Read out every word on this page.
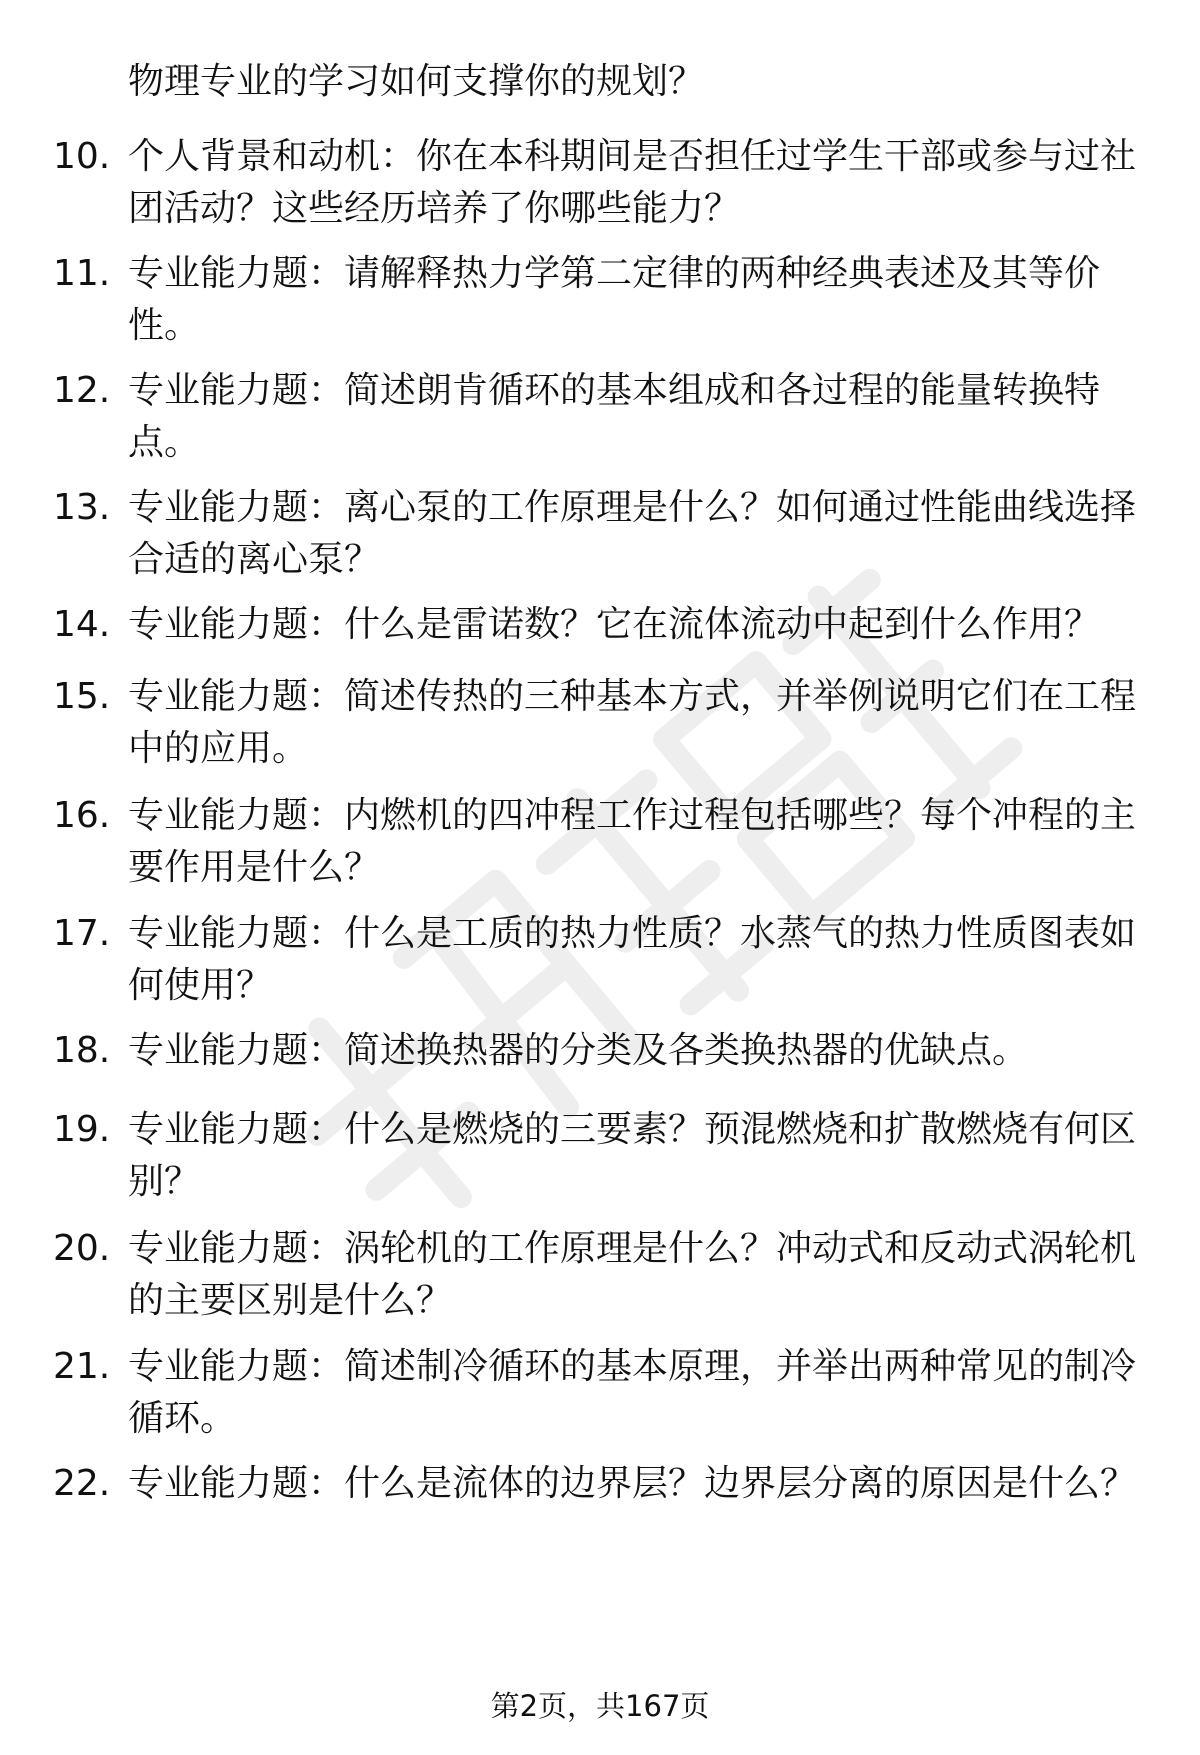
物理专业的学习如何支撑你的规划？
10. 个人背景和动机：你在本科期间是否担任过学生干部或参与过社团活动？这些经历培养了你哪些能力？
11. 专业能力题：请解释热力学第二定律的两种经典表述及其等价性。
12. 专业能力题：简述朗肯循环的基本组成和各过程的能量转换特点。
13. 专业能力题：离心泵的工作原理是什么？如何通过性能曲线选择合适的离心泵？
14. 专业能力题：什么是雷诺数？它在流体流动中起到什么作用？
15. 专业能力题：简述传热的三种基本方式，并举例说明它们在工程中的应用。
16. 专业能力题：内燃机的四冲程工作过程包括哪些？每个冲程的主要作用是什么？
17. 专业能力题：什么是工质的热力性质？水蒸气的热力性质图表如何使用？
18. 专业能力题：简述换热器的分类及各类换热器的优缺点。
19. 专业能力题：什么是燃烧的三要素？预混燃烧和扩散燃烧有何区别？
20. 专业能力题：涡轮机的工作原理是什么？冲动式和反动式涡轮机的主要区别是什么？
21. 专业能力题：简述制冷循环的基本原理，并举出两种常见的制冷循环。
22. 专业能力题：什么是流体的边界层？边界层分离的原因是什么？
第2页，共167页
